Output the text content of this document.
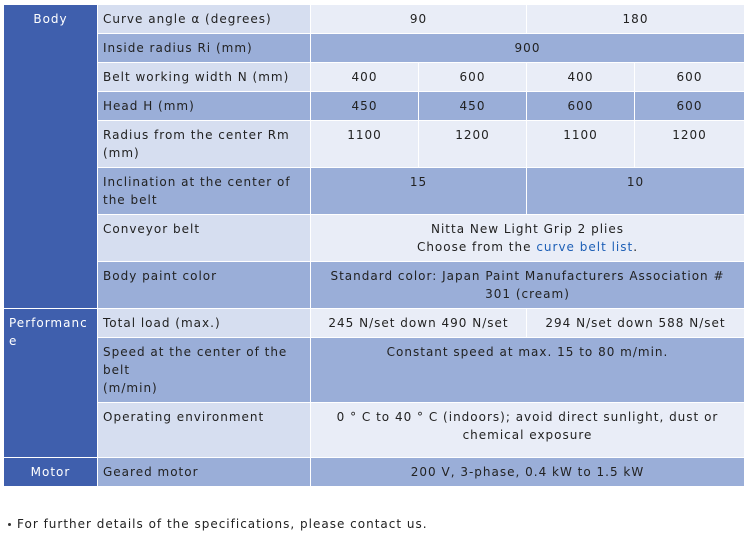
Body	Curve angle α (degrees)	90		180	
	Inside radius Ri (mm)	900			
	Belt working width N (mm)	400	600	400	600
	Head H (mm)	450	450	600	600
	Radius from the center Rm (mm)	1100	1200	1100	1200
	Inclination at the center of the belt	15		10	
	Conveyor belt	Nitta New Light Grip 2 plies
Choose from the curve belt list.			

	Body paint color	Standard color: Japan Paint Manufacturers Association # 301 (cream)			
Performance	Total load (max.)	245 N/set down 490 N/set		294 N/set down 588 N/set	

	Speed at the center of the belt
(m/min)	Constant speed at max. 15 to 80 m/min.			
	Operating environment	0 ° C to 40 ° C (indoors); avoid direct sunlight, dust or chemical exposure			
Motor	Geared motor	200 V, 3-phase, 0.4 kW to 1.5 kW			
For further details of the specifications, please contact us.
